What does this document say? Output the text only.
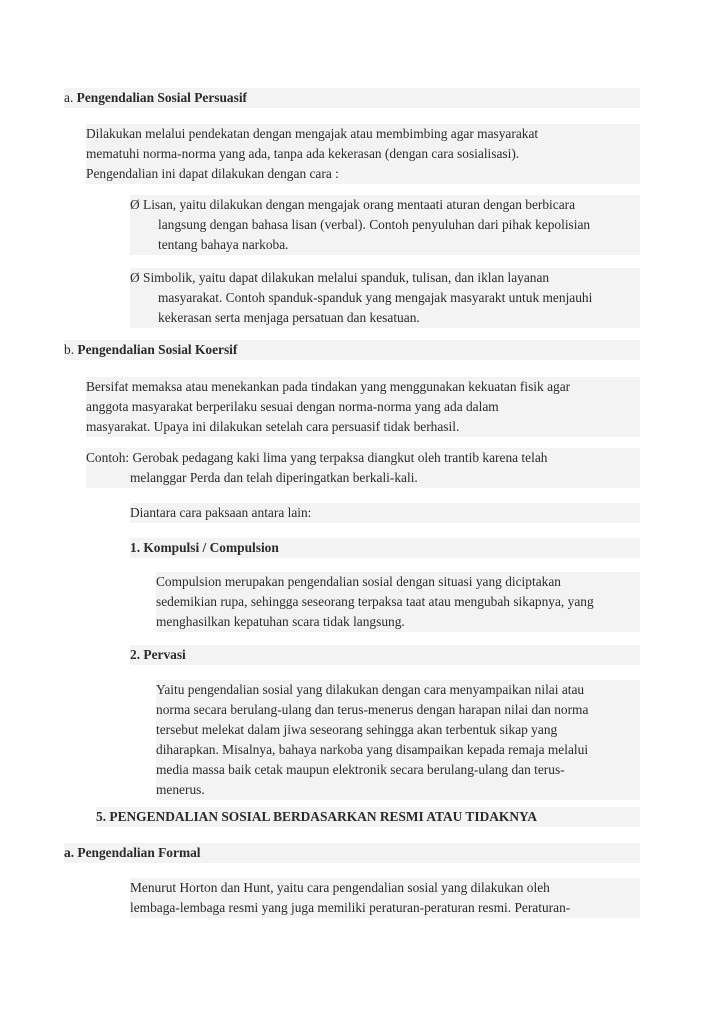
a. Pengendalian Sosial Persuasif
Dilakukan melalui pendekatan dengan mengajak atau membimbing agar masyarakat
mematuhi norma-norma yang ada, tanpa ada kekerasan (dengan cara sosialisasi).
Pengendalian ini dapat dilakukan dengan cara :
Ø Lisan, yaitu dilakukan dengan mengajak orang mentaati aturan dengan berbicara
langsung dengan bahasa lisan (verbal). Contoh penyuluhan dari pihak kepolisian
tentang bahaya narkoba.
Ø Simbolik, yaitu dapat dilakukan melalui spanduk, tulisan, dan iklan layanan
masyarakat. Contoh spanduk-spanduk yang mengajak masyarakt untuk menjauhi
kekerasan serta menjaga persatuan dan kesatuan.
b. Pengendalian Sosial Koersif
Bersifat memaksa atau menekankan pada tindakan yang menggunakan kekuatan fisik agar
anggota masyarakat berperilaku sesuai dengan norma-norma yang ada dalam
masyarakat. Upaya ini dilakukan setelah cara persuasif tidak berhasil.
Contoh: Gerobak pedagang kaki lima yang terpaksa diangkut oleh trantib karena telah
melanggar Perda dan telah diperingatkan berkali-kali.
Diantara cara paksaan antara lain:
1. Kompulsi / Compulsion
Compulsion merupakan pengendalian sosial dengan situasi yang diciptakan
sedemikian rupa, sehingga seseorang terpaksa taat atau mengubah sikapnya, yang
menghasilkan kepatuhan scara tidak langsung.
2. Pervasi
Yaitu pengendalian sosial yang dilakukan dengan cara menyampaikan nilai atau
norma secara berulang-ulang dan terus-menerus dengan harapan nilai dan norma
tersebut melekat dalam jiwa seseorang sehingga akan terbentuk sikap yang
diharapkan. Misalnya, bahaya narkoba yang disampaikan kepada remaja melalui
media massa baik cetak maupun elektronik secara berulang-ulang dan terus-
menerus.
5. PENGENDALIAN SOSIAL BERDASARKAN RESMI ATAU TIDAKNYA
a. Pengendalian Formal
Menurut Horton dan Hunt, yaitu cara pengendalian sosial yang dilakukan oleh
lembaga-lembaga resmi yang juga memiliki peraturan-peraturan resmi. Peraturan-
